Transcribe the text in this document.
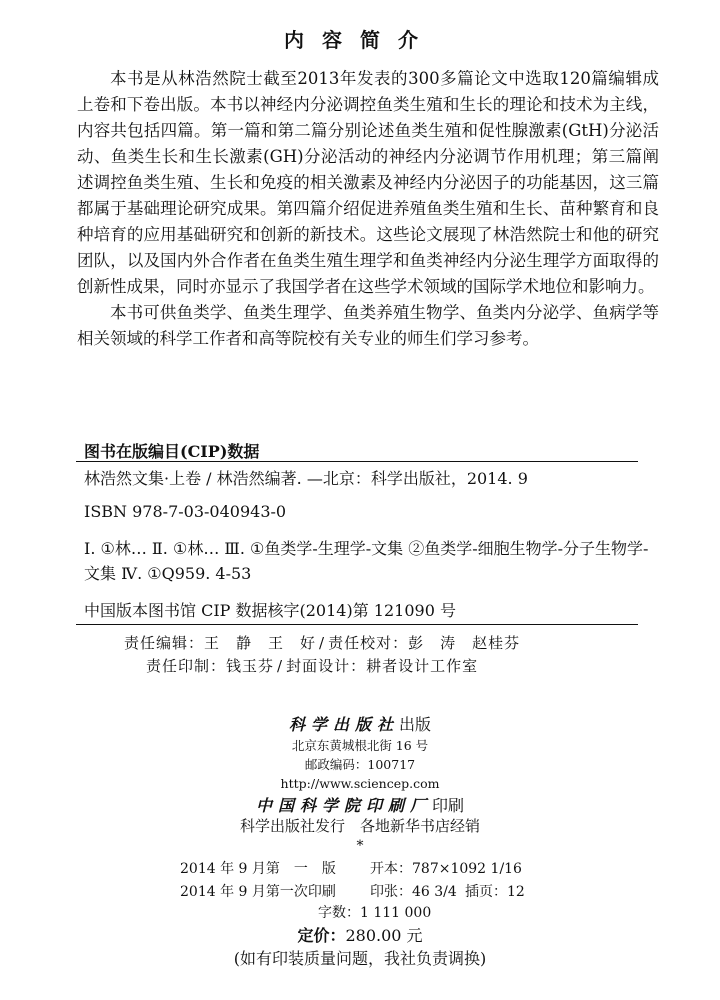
内容简介

本书是从林浩然院士截至2013年发表的300多篇论文中选取120篇编辑成上卷和下卷出版。本书以神经内分泌调控鱼类生殖和生长的理论和技术为主线，内容共包括四篇。第一篇和第二篇分别论述鱼类生殖和促性腺激素(GtH)分泌活动、鱼类生长和生长激素(GH)分泌活动的神经内分泌调节作用机理；第三篇阐述调控鱼类生殖、生长和免疫的相关激素及神经内分泌因子的功能基因，这三篇都属于基础理论研究成果。第四篇介绍促进养殖鱼类生殖和生长、苗种繁育和良种培育的应用基础研究和创新的新技术。这些论文展现了林浩然院士和他的研究团队，以及国内外合作者在鱼类生殖生理学和鱼类神经内分泌生理学方面取得的创新性成果，同时亦显示了我国学者在这些学术领域的国际学术地位和影响力。

本书可供鱼类学、鱼类生理学、鱼类养殖生物学、鱼类内分泌学、鱼病学等相关领域的科学工作者和高等院校有关专业的师生们学习参考。

图书在版编目(CIP)数据
林浩然文集·上卷 / 林浩然编著. —北京：科学出版社，2014. 9
ISBN 978-7-03-040943-0
Ⅰ. ①林… Ⅱ. ①林… Ⅲ. ①鱼类学-生理学-文集 ②鱼类学-细胞生物学-分子生物学-文集 Ⅳ. ①Q959. 4-53
中国版本图书馆 CIP 数据核字(2014)第 121090 号
责任编辑：王　静　王　好 / 责任校对：彭　涛　赵桂芬
责任印制：钱玉芬 / 封面设计：耕者设计工作室
科学出版社出版
北京东黄城根北街 16 号
邮政编码：100717
http://www.sciencep.com
中国科学院印刷厂印刷
科学出版社发行　各地新华书店经销
*
2014 年 9 月第　一　版 开本：787×1092 1/16
2014 年 9 月第一次印刷 印张：46 3/4 插页：12
字数：1 111 000
定价：280.00 元
(如有印装质量问题，我社负责调换)
